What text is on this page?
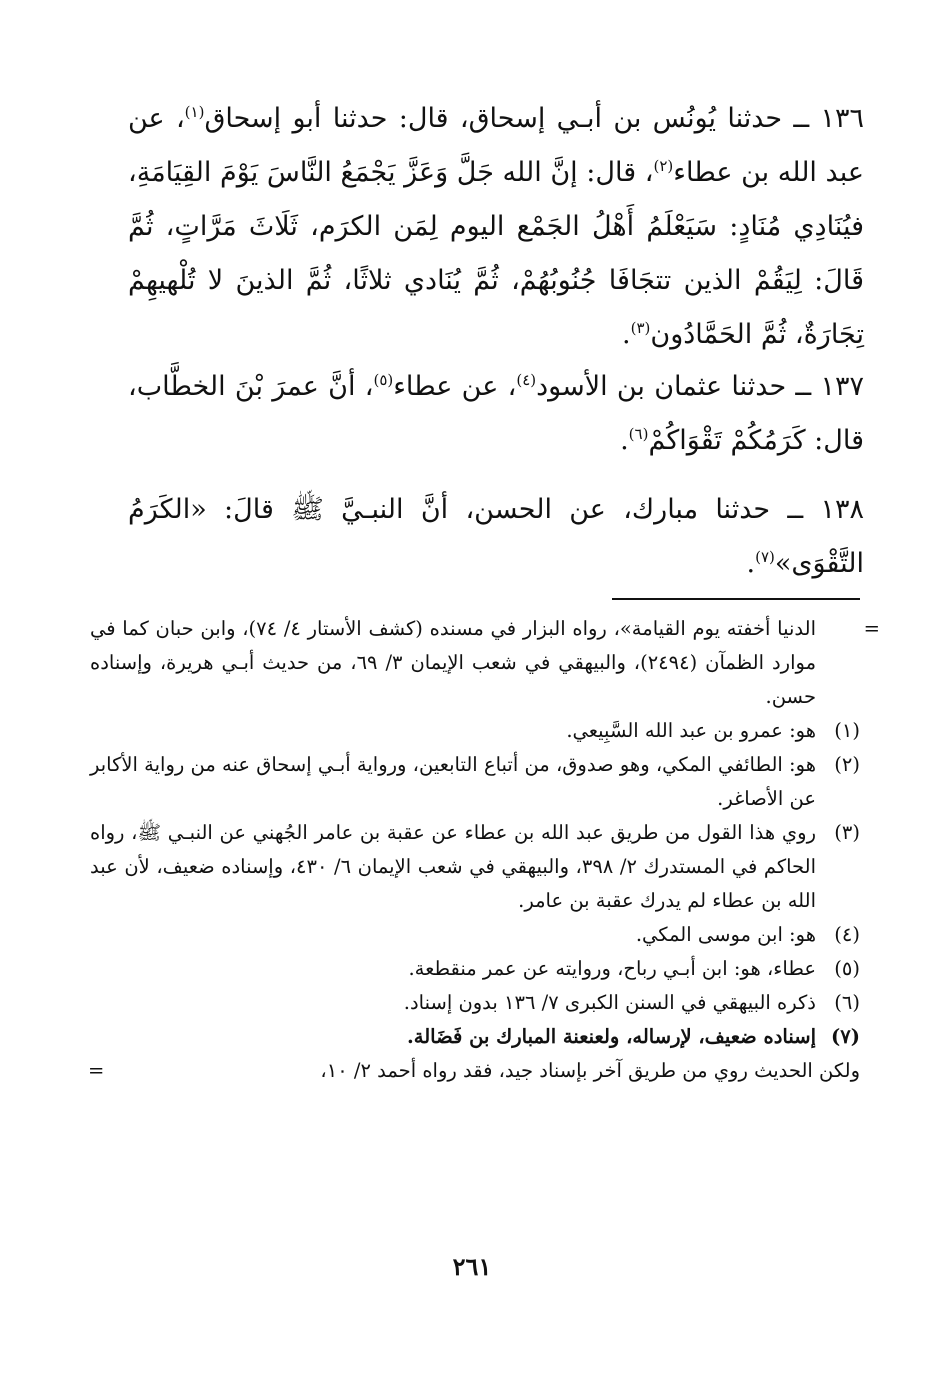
١٣٦ ــ حدثنا يُونُس بن أبـي إسحاق، قال: حدثنا أبو إسحاق$^{(١)}$، عن عبد الله بن عطاء$^{(٢)}$، قال: إنَّ الله جَلَّ وَعَزَّ يَجْمَعُ النَّاسَ يَوْمَ القِيَامَةِ، فيُنَادِي مُنَادٍ: سَيَعْلَمُ أَهْلُ الجَمْع اليوم لِمَن الكرَم، ثَلَاثَ مَرَّاتٍ، ثُمَّ قَالَ: لِيَقُمْ الذين تتجَافَا جُنُوبُهُمْ، ثُمَّ يُنَادي ثلاثًا، ثُمَّ الذينَ لا تُلْهيهِمْ تِجَارَةٌ، ثُمَّ الحَمَّادُون$^{(٣)}$.
١٣٧ ــ حدثنا عثمان بن الأسود$^{(٤)}$، عن عطاء$^{(٥)}$، أنَّ عمرَ بْنَ الخطَّاب، قال: كَرَمُكُمْ تَقْوَاكُمْ$^{(٦)}$.
١٣٨ ــ حدثنا مبارك، عن الحسن، أنَّ النبـيَّ ﷺ قالَ: «الكَرَمُ التَّقْوَى»$^{(٧)}$.
=
الدنيا أخفته يوم القيامة»، رواه البزار في مسنده (كشف الأستار ٤/ ٧٤)، وابن حبان كما في موارد الظمآن (٢٤٩٤)، والبيهقي في شعب الإيمان ٣/ ٦٩، من حديث أبـي هريرة، وإسناده حسن.
(١)
هو: عمرو بن عبد الله السَّبِيعي.
(٢)
هو: الطائفي المكي، وهو صدوق، من أتباع التابعين، ورواية أبـي إسحاق عنه من رواية الأكابر عن الأصاغر.
(٣)
روي هذا القول من طريق عبد الله بن عطاء عن عقبة بن عامر الجُهني عن النبـي ﷺ، رواه الحاكم في المستدرك ٢/ ٣٩٨، والبيهقي في شعب الإيمان ٦/ ٤٣٠، وإسناده ضعيف، لأن عبد الله بن عطاء لم يدرك عقبة بن عامر.
(٤)
هو: ابن موسى المكي.
(٥)
عطاء، هو: ابن أبـي رباح، وروايته عن عمر منقطعة.
(٦)
ذكره البيهقي في السنن الكبرى ٧/ ١٣٦ بدون إسناد.
(٧)
إسناده ضعيف، لإرساله، ولعنعنة المبارك بن فَضَالة.
ولكن الحديث روي من طريق آخر بإسناد جيد، فقد رواه أحمد ٢/ ١٠،
=
٢٦١
